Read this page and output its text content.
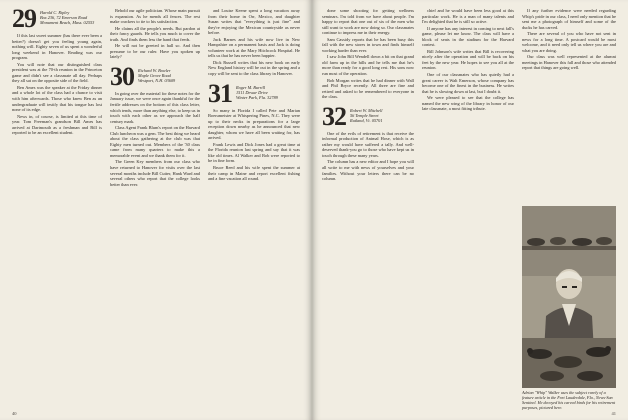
29 Harold C. Ripley
Box 236, 72 Emerson Road
Monument Beach, Mass. 02553

If this last sweet summer (has there ever been a better?) doesn't get you feeling young again, nothing will. Eighty seven of us spent a wonderful long weekend in Hanover. Reading was our program.

You will note that our distinguished class president was at the 70-th reunion in the Princeton game and didn't see a classmate all day. Perhaps they all sat on the opposite side of the field.

Ben Ames was the speaker at the Friday dinner and a whole lot of the class had a chance to visit with him afterwards. Those who knew Ben as an undergraduate will testify that his tongue has lost none of its edge.

News in, of course, is limited at this time of year. Tom Freeman's grandson Bill Ames has arrived at Dartmouth as a freshman and Bill is reported to be an excellent student.

Behold our agile politician. Whose main pursuit is expansion. As he mends all fences. The rest make crackers to tie to his satisfaction.

He claims all the people's needs. But pardon at their fancy guards. He tells you much to cover the truth. And finds them less the hand that feeds.

He will not be greeted in hall so. And then presume to be our ruler. Have you spoken up lately?

30 Richard W. Bowler
Maple Grove Road
Westport, N.H. 03609

In going over the material for these notes for the January issue, we were once again thankful for the fertile addresses on the bottom of this class letter, which tends, more than anything else, to keep us in touch with each other as we approach the half century mark.

Class Agent Frank Blum's report on the Harvard Club luncheon was a gem. The best thing we heard about the class gathering at the club was that Eighty men turned out. Members of the '30 class came from many quarters to make this a memorable event and we thank them for it.

The Green Key members from our class who have returned to Hanover for visits over the last several months include Bill Cutter, Hank Ward and several others who report that the college looks better than ever.

and Louise Keene spent a long vacation away from their home in Orr, Mexico, and daughter Susan writes that "everything is just fine" and they're enjoying the Mexican countryside as never before.

Jack Barnes and his wife now live in New Hampshire on a permanent basis and Jack is doing volunteer work at the Mary Hitchcock Hospital. He tells us that he has never been happier.

Dick Russell writes that his new book on early New England history will be out in the spring and a copy will be sent to the class library in Hanover.

31 Roger M. Burrill
1511 Dewar Drive
Winter Park, Fla. 32789

So many in Florida I called Pete and Marian Boerumeister at Whispering Pines, N.C. They were up to their necks in preparations for a large reception down nearby as he announced that new daughter, whom we have all been waiting for, has arrived.

Frank Lewis and Dick Jones had a great time at the Florida reunion last spring and say that it was like old times. Al Walker and Bob were reported to be in fine form.

Bruce Reed and his wife spent the summer at their camp in Maine and report excellent fishing and a fine vacation all round.

40

done some shooting for getting wellness seminars. I'm told from we have about people. I'm happy to report that one out of six of the men who still want to work are now doing so. Our classmates continue to impress me in their energy.

Sam Cassidy reports that he has been busy this fall with the new stores in town and finds himself working harder than ever.

I saw John Bill Wendell down a bit on that grand old farm up in the hills and he tells me that he's more than ready for a good long rest. His sons now run most of the operation.

Bob Morgan writes that he had dinner with Wall and Phil Bryce recently. All three are fine and retired and asked to be remembered to everyone in the class.

32 Robert W. Mitchell
56 Temple Street
Rutland, Vt. 05701

One of the evils of retirement is that receive the informal production of Animal Hose, which is as rather my would have suffered a tally. And well-deserved thank-you go to those who have kept us in touch through these many years.

The column has a new editor and I hope you will all write to me with news of yourselves and your families. Without your letters there can be no column.

chief and he would have been less good at this particular work. He is a man of many talents and I'm delighted that he is still so active.

If anyone has any interest in coming to next fall's game, please let me know. The class will have a block of seats in the stadium for the Harvard contest.

Bill Johnson's wife writes that Bill is recovering nicely after the operation and will be back on his feet by the new year. He hopes to see you all at the reunion.

One of our classmates who has quietly had a great career is Walt Emerson, whose company has become one of the finest in the business. He writes that he is slowing down at last, but I doubt it.

We were pleased to see that the college has named the new wing of the library in honor of our late classmate, a most fitting tribute.

If any further evidence were needed regarding Whip's pride in our class, I need only mention that he sent me a photograph of himself and some of the ducks he has carved.

There are several of you who have not sent in news for a long time. A postcard would be most welcome, and it need only tell us where you are and what you are doing.

Our class was well represented at the alumni meetings in Hanover this fall and those who attended report that things are going well.

Adrian "Whip" Walker uses the subject rarely of a feature article in the Fort Lauderdale, Fla., News-Sun Sentinel. He decoyed his carved birds for his retirement purposes, pictured here.
41
